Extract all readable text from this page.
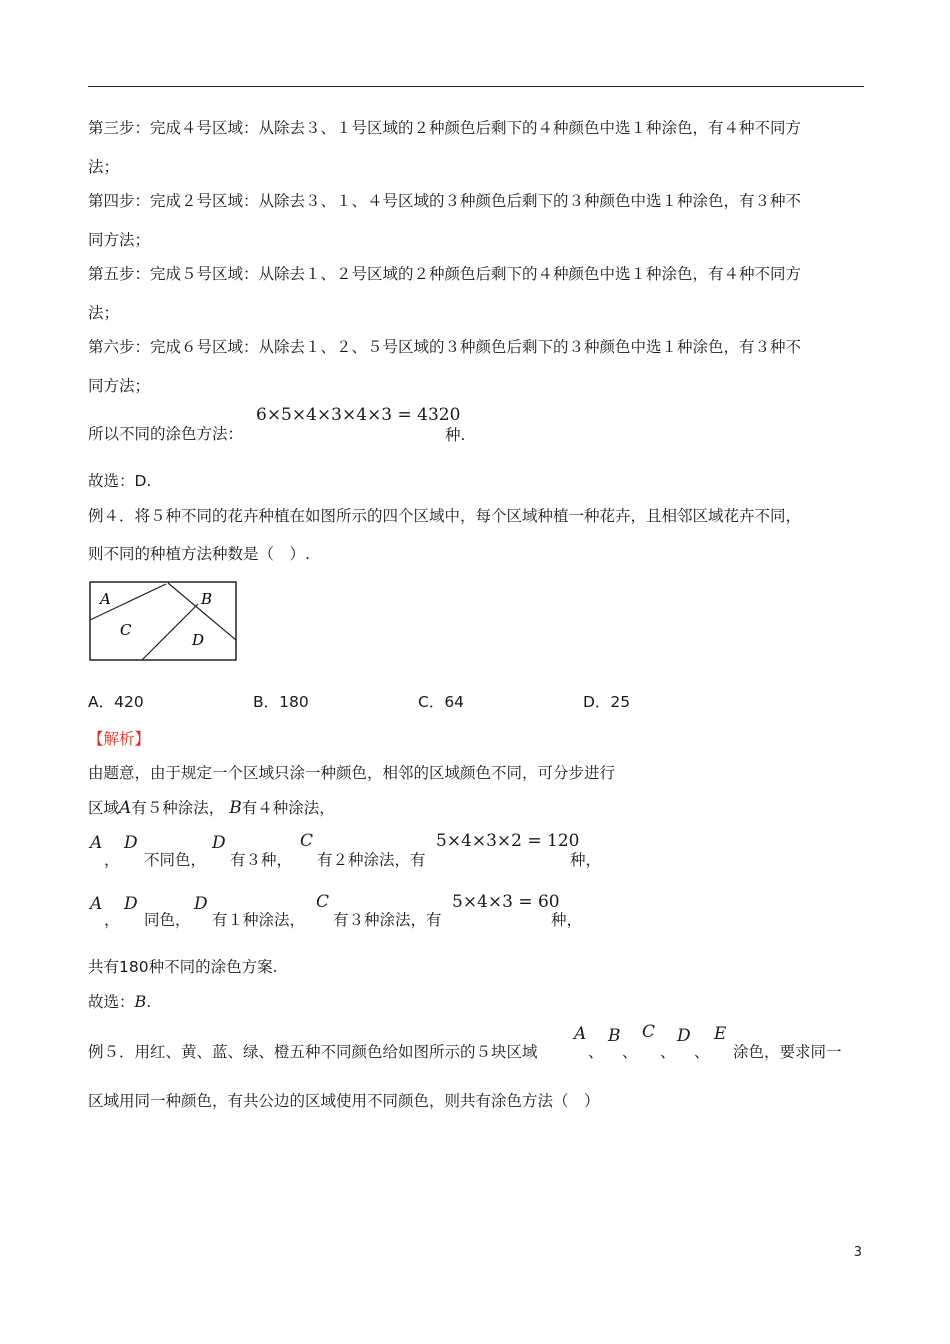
第三步：完成４号区域：从除去３、１号区域的２种颜色后剩下的４种颜色中选１种涂色，有４种不同方
法；
第四步：完成２号区域：从除去３、１、４号区域的３种颜色后剩下的３种颜色中选１种涂色，有３种不
同方法；
第五步：完成５号区域：从除去１、２号区域的２种颜色后剩下的４种颜色中选１种涂色，有４种不同方
法；
第六步：完成６号区域：从除去１、２、５号区域的３种颜色后剩下的３种颜色中选１种涂色，有３种不
同方法；
所以不同的涂色方法：
6×5×4×3×4×3 = 4320
种.
故选：D.
例４．将５种不同的花卉种植在如图所示的四个区域中，每个区域种植一种花卉，且相邻区域花卉不同，
则不同的种植方法种数是（　）.
A	B
C
D
A．420	B．180	C．64	D．25
【解析】
由题意，由于规定一个区域只涂一种颜色，相邻的区域颜色不同，可分步进行
区域A有５种涂法， B有４种涂法，
A
，
D
不同色，
D
有３种，
C
有２种涂法，有
5×4×3×2 = 120
种，
A
，
D
同色，
D
有１种涂法，
C
有３种涂法，有
5×4×3 = 60
种，
共有180种不同的涂色方案.
故选：B.
例５．用红、黄、蓝、绿、橙五种不同颜色给如图所示的５块区域
A
、
B
、
C
、
D
、
E
涂色，要求同一
区域用同一种颜色，有共公边的区域使用不同颜色，则共有涂色方法（　）
3
